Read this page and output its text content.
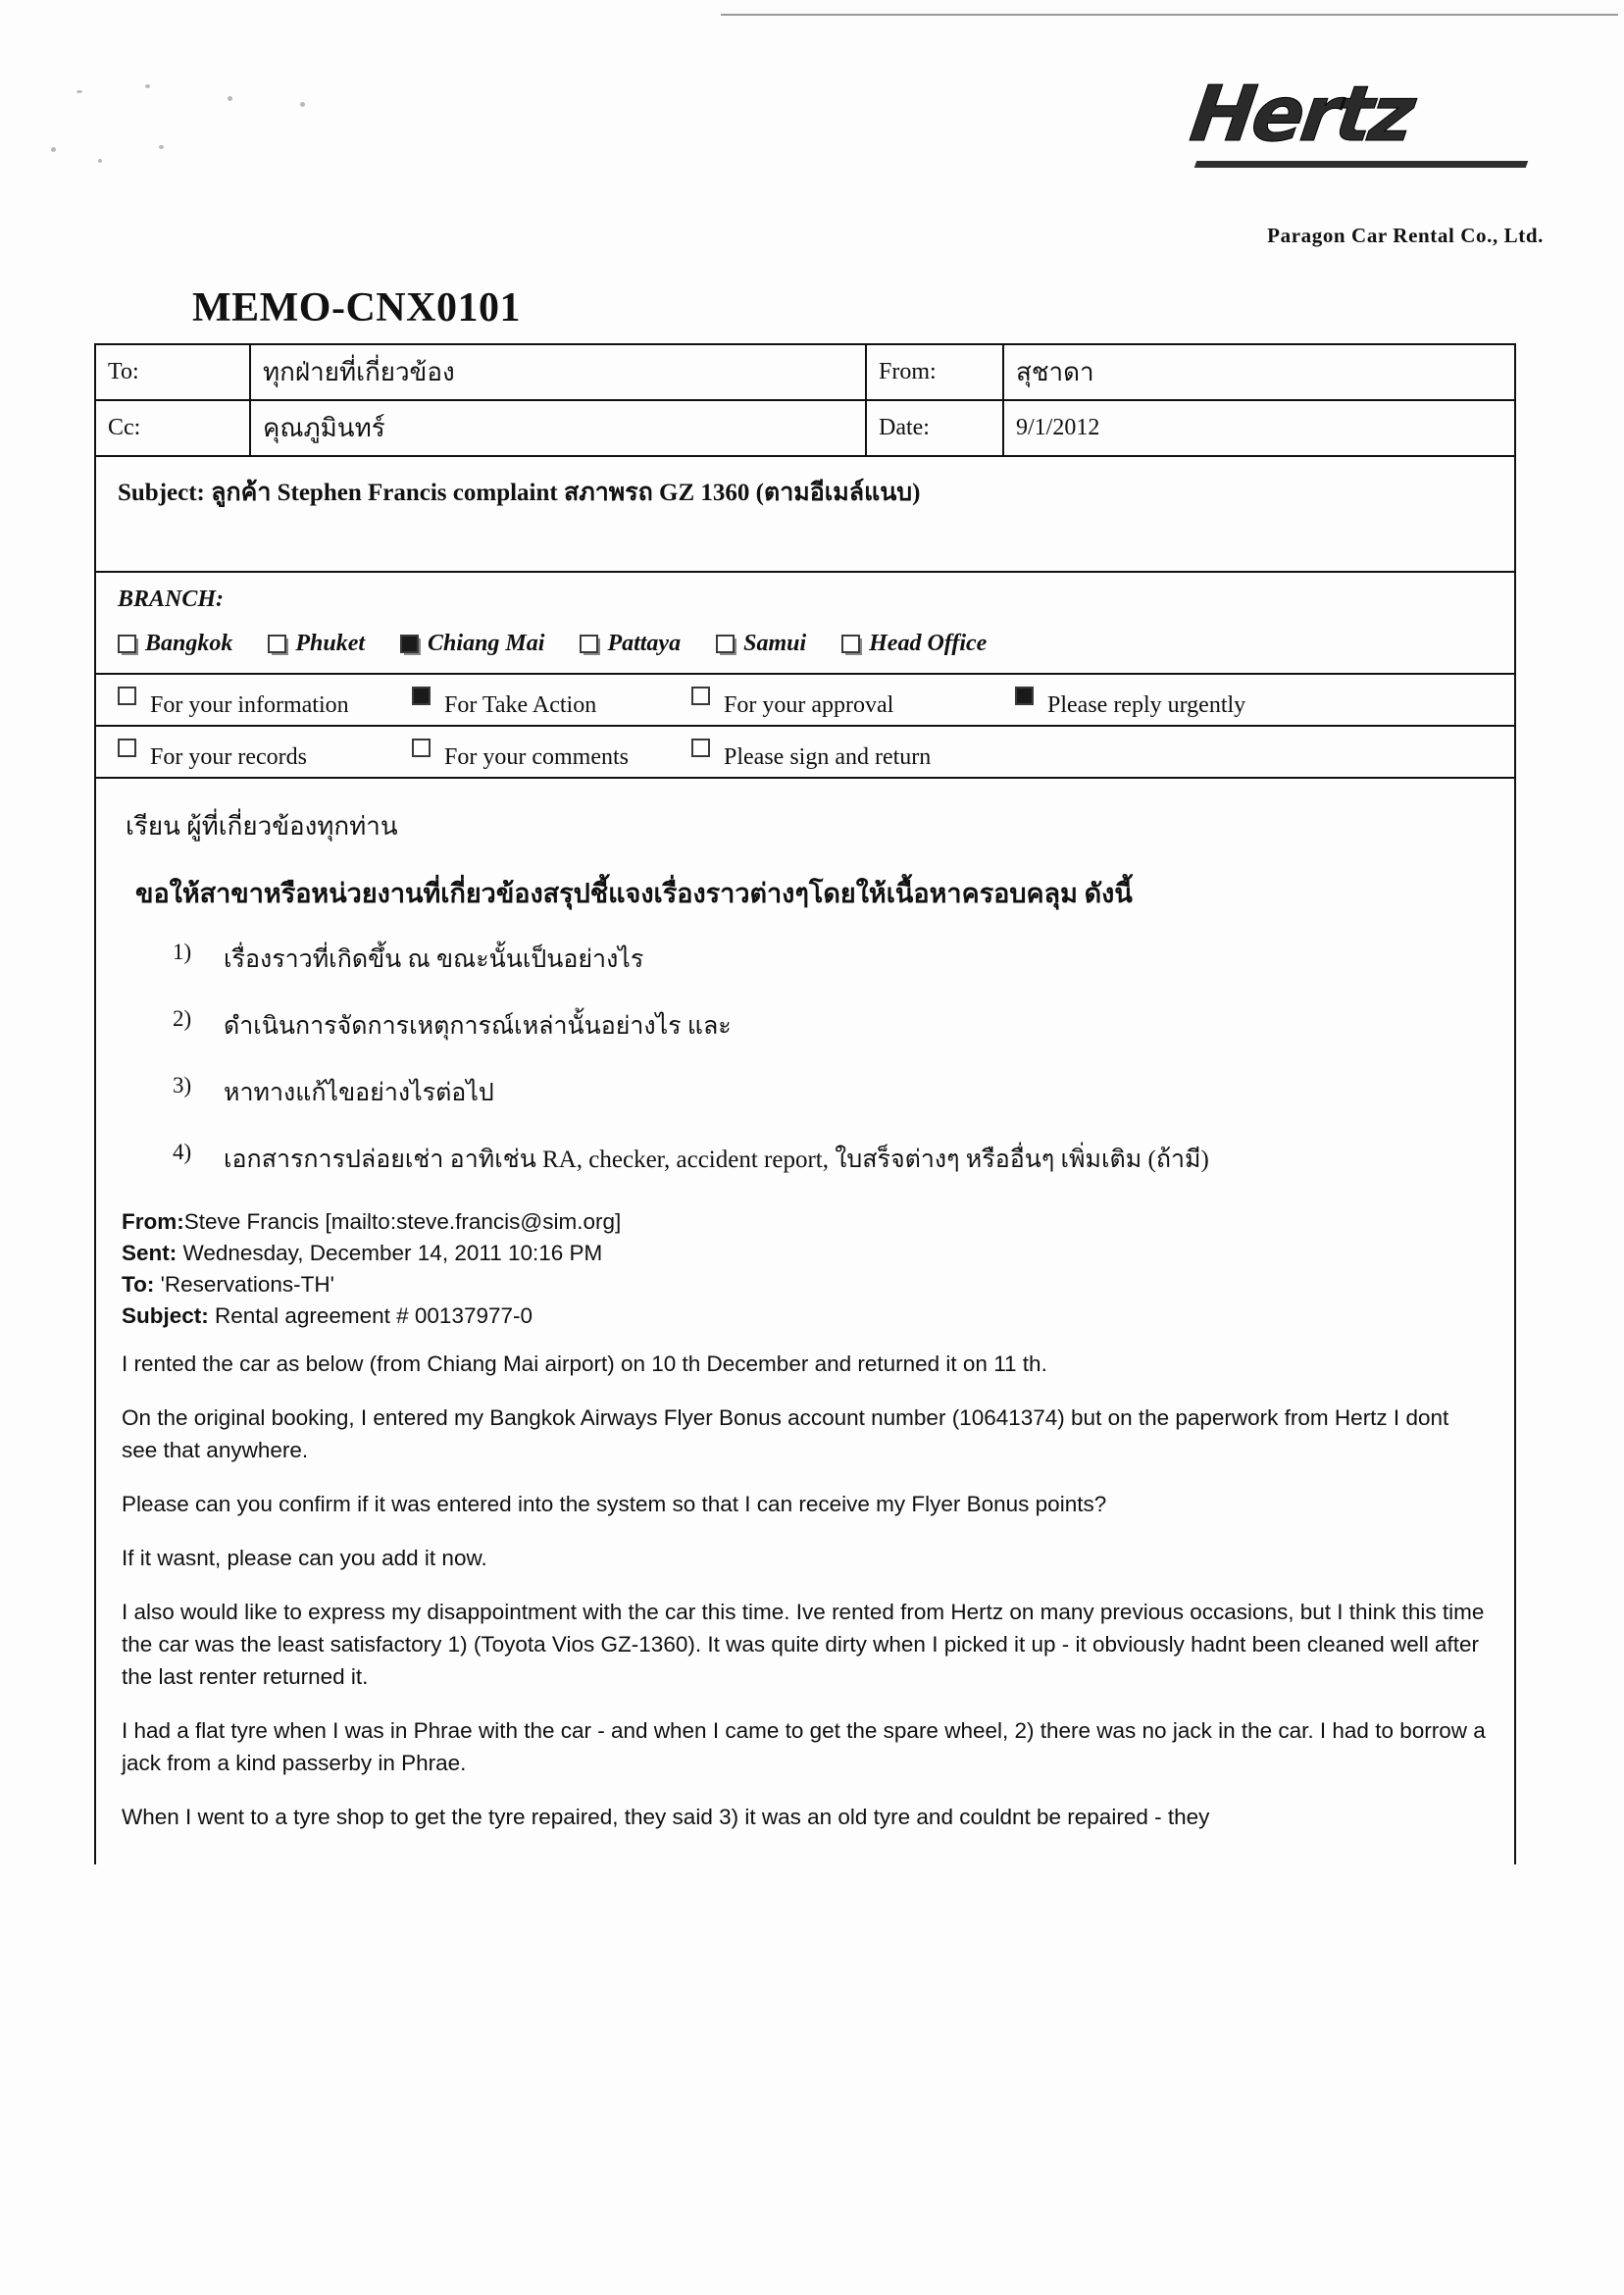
Hertz
Paragon Car Rental Co., Ltd.
MEMO-CNX0101
To:	ทุกฝ่ายที่เกี่ยวข้อง	From:	สุชาดา
Cc:	คุณภูมินทร์	Date:	9/1/2012
Subject: ลูกค้า Stephen Francis complaint สภาพรถ GZ 1360 (ตามอีเมล์แนบ)
BRANCH:
Bangkok	Phuket	Chiang Mai	Pattaya	Samui	Head Office
For your information	For Take Action	For your approval	Please reply urgently
For your records	For your comments	Please sign and return
เรียน ผู้ที่เกี่ยวข้องทุกท่าน
ขอให้สาขาหรือหน่วยงานที่เกี่ยวข้องสรุปชี้แจงเรื่องราวต่างๆโดยให้เนื้อหาครอบคลุม ดังนี้
1)	เรื่องราวที่เกิดขึ้น ณ ขณะนั้นเป็นอย่างไร
2)	ดำเนินการจัดการเหตุการณ์เหล่านั้นอย่างไร และ
3)	หาทางแก้ไขอย่างไรต่อไป
4)	เอกสารการปล่อยเช่า อาทิเช่น RA, checker, accident report, ใบสร็จต่างๆ หรืออื่นๆ เพิ่มเติม (ถ้ามี)
From:Steve Francis [mailto:steve.francis@sim.org]
Sent: Wednesday, December 14, 2011 10:16 PM
To: 'Reservations-TH'
Subject: Rental agreement # 00137977-0

I rented the car as below (from Chiang Mai airport) on 10 th December and returned it on 11 th.

On the original booking, I entered my Bangkok Airways Flyer Bonus account number (10641374) but on the paperwork from Hertz I dont see that anywhere.

Please can you confirm if it was entered into the system so that I can receive my Flyer Bonus points?

If it wasnt, please can you add it now.

I also would like to express my disappointment with the car this time. Ive rented from Hertz on many previous occasions, but I think this time the car was the least satisfactory 1) (Toyota Vios GZ-1360). It was quite dirty when I picked it up - it obviously hadnt been cleaned well after the last renter returned it.

I had a flat tyre when I was in Phrae with the car - and when I came to get the spare wheel, 2) there was no jack in the car. I had to borrow a jack from a kind passerby in Phrae.

When I went to a tyre shop to get the tyre repaired, they said 3) it was an old tyre and couldnt be repaired - they
